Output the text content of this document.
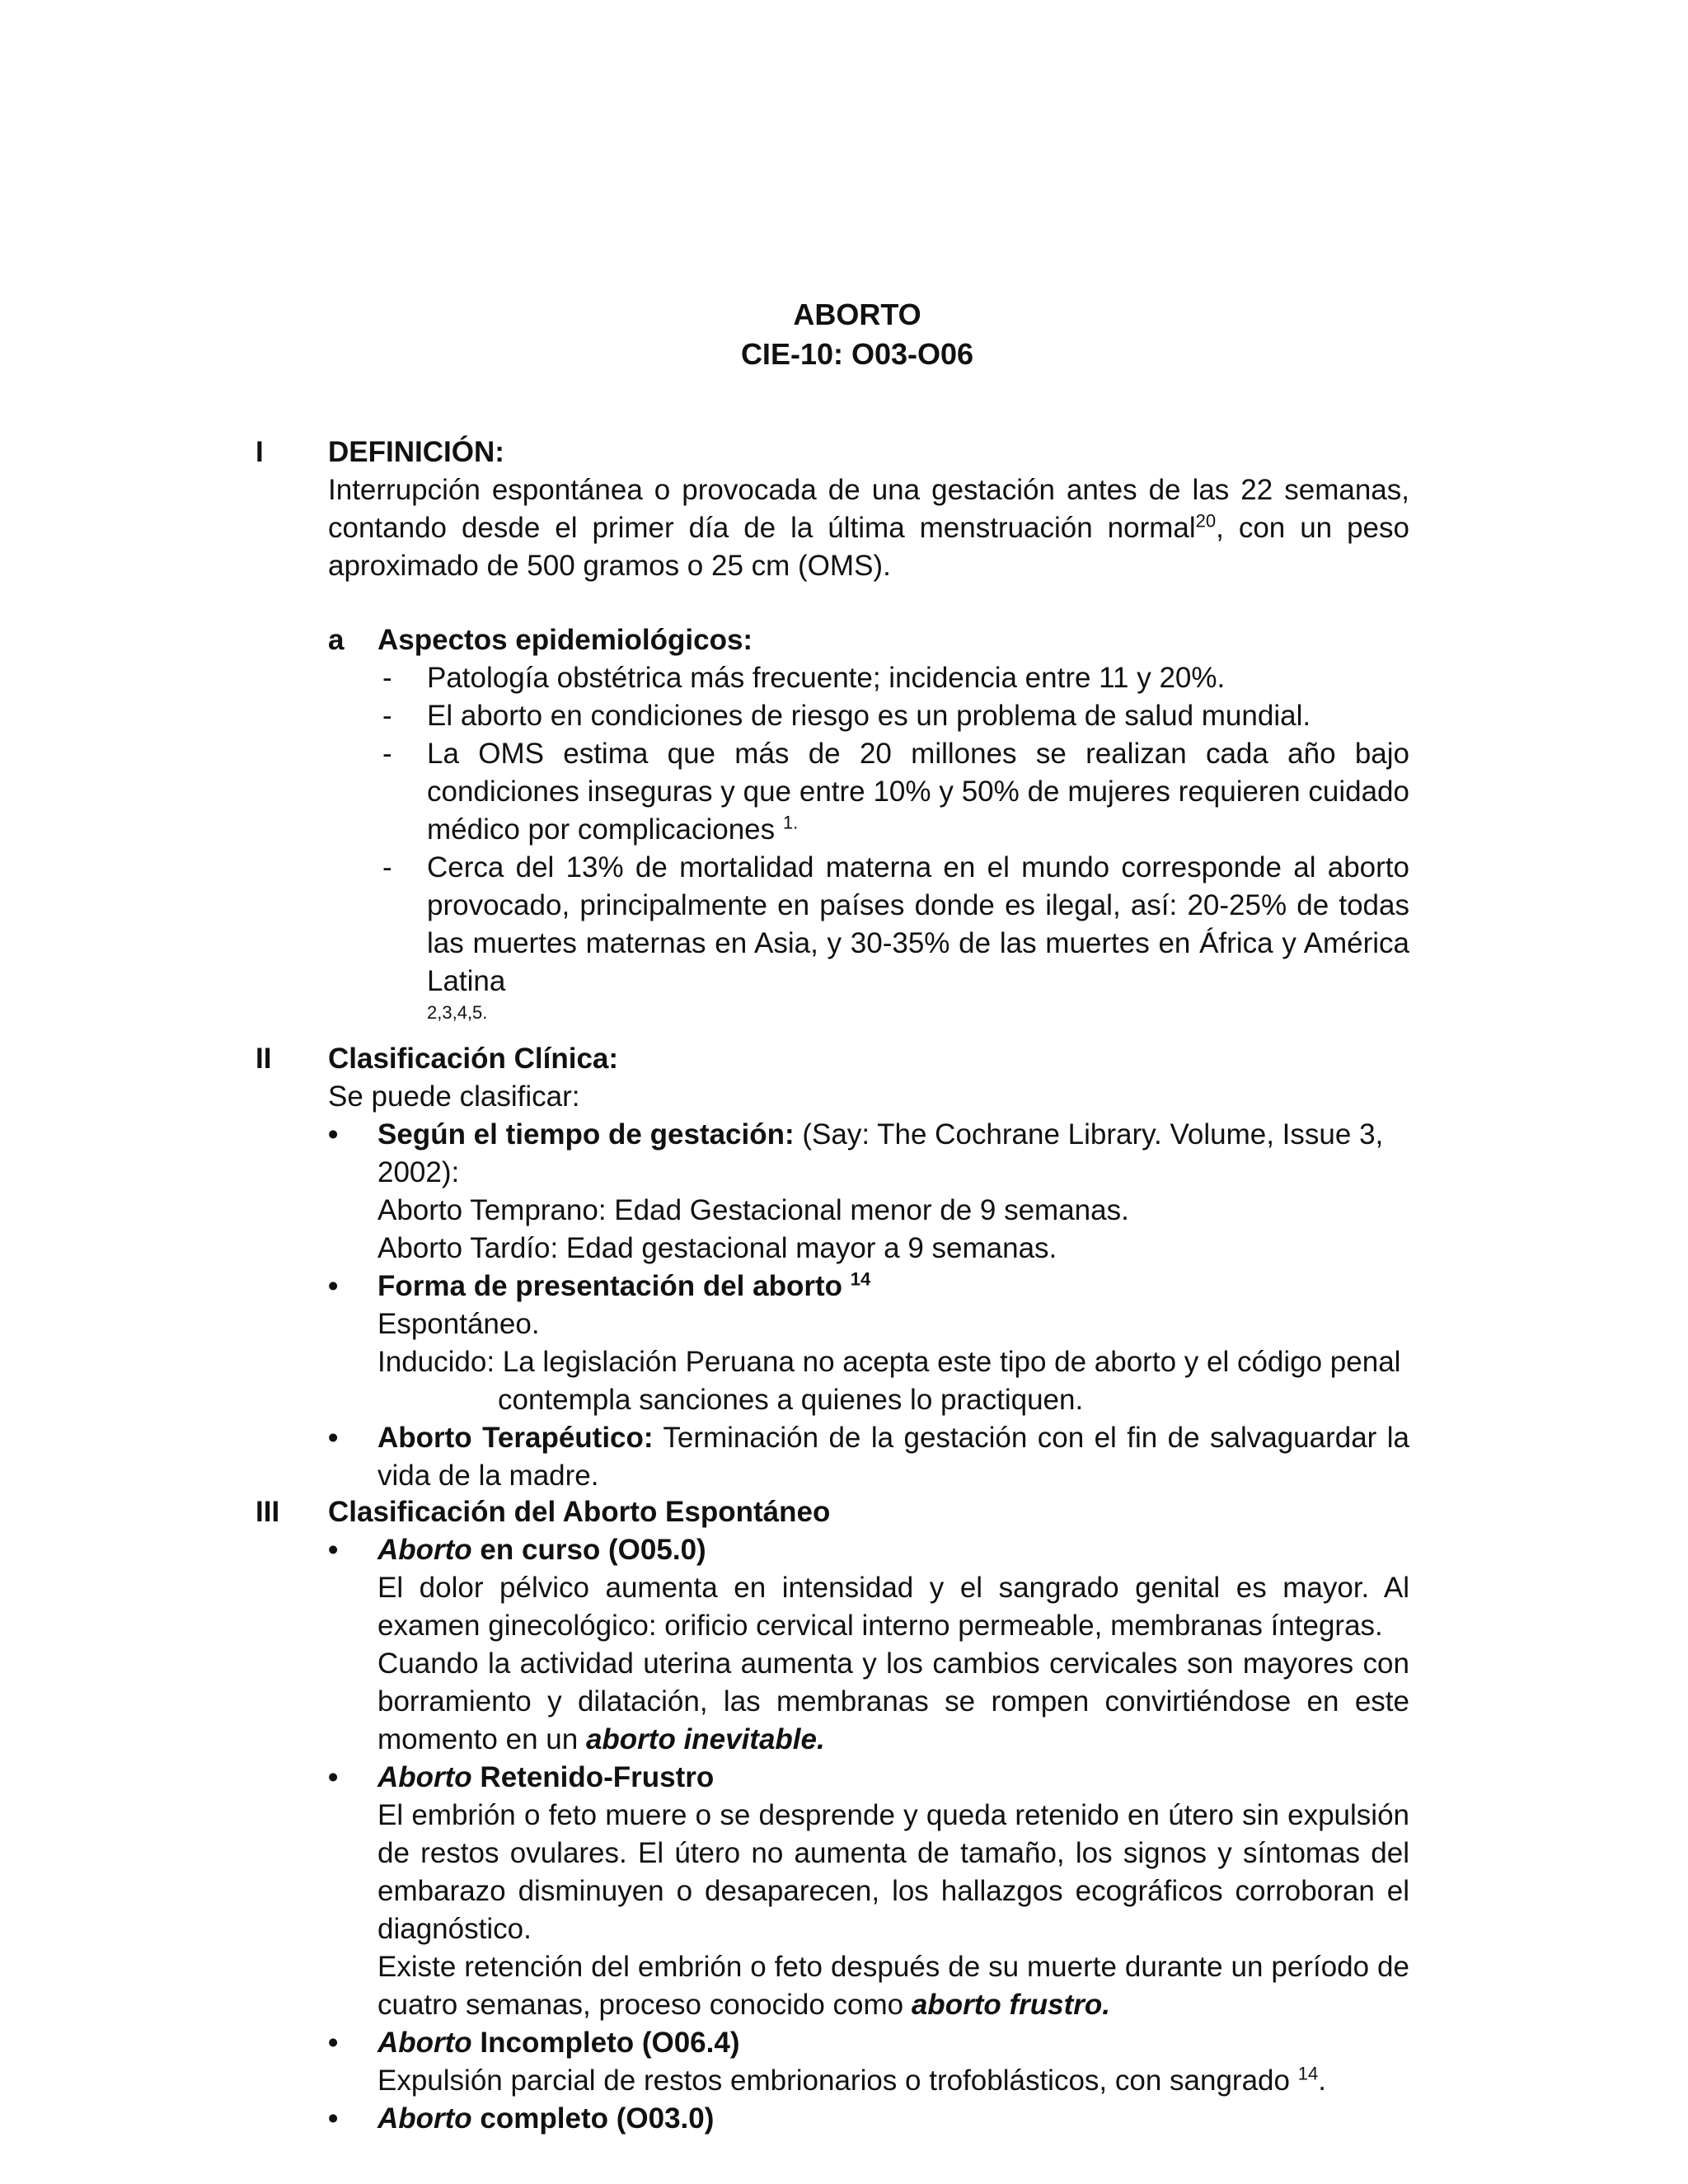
ABORTO
CIE-10: O03-O06
I DEFINICIÓN:
Interrupción espontánea o provocada de una gestación antes de las 22 semanas, contando desde el primer día de la última menstruación normal$^{20}$, con un peso aproximado de 500 gramos o 25 cm (OMS).
a Aspectos epidemiológicos:
- Patología obstétrica más frecuente; incidencia entre 11 y 20%.
- El aborto en condiciones de riesgo es un problema de salud mundial.
- La OMS estima que más de 20 millones se realizan cada año bajo condiciones inseguras y que entre 10% y 50% de mujeres requieren cuidado médico por complicaciones $^{1.}$
- Cerca del 13% de mortalidad materna en el mundo corresponde al aborto provocado, principalmente en países donde es ilegal, así: 20-25% de todas las muertes maternas en Asia, y 30-35% de las muertes en África y América Latina
2,3,4,5.
II Clasificación Clínica:
Se puede clasificar:
• Según el tiempo de gestación: (Say: The Cochrane Library. Volume, Issue 3, 2002):
Aborto Temprano: Edad Gestacional menor de 9 semanas.
Aborto Tardío: Edad gestacional mayor a 9 semanas.
• Forma de presentación del aborto $^{14}$
Espontáneo.
Inducido: La legislación Peruana no acepta este tipo de aborto y el código penal contempla sanciones a quienes lo practiquen.
• Aborto Terapéutico: Terminación de la gestación con el fin de salvaguardar la vida de la madre.
III Clasificación del Aborto Espontáneo
• Aborto en curso (O05.0)
El dolor pélvico aumenta en intensidad y el sangrado genital es mayor. Al examen ginecológico: orificio cervical interno permeable, membranas íntegras.
Cuando la actividad uterina aumenta y los cambios cervicales son mayores con borramiento y dilatación, las membranas se rompen convirtiéndose en este momento en un aborto inevitable.
• Aborto Retenido-Frustro
El embrión o feto muere o se desprende y queda retenido en útero sin expulsión de restos ovulares. El útero no aumenta de tamaño, los signos y síntomas del embarazo disminuyen o desaparecen, los hallazgos ecográficos corroboran el diagnóstico.
Existe retención del embrión o feto después de su muerte durante un período de cuatro semanas, proceso conocido como aborto frustro.
• Aborto Incompleto (O06.4)
Expulsión parcial de restos embrionarios o trofoblásticos, con sangrado $^{14}$.
• Aborto completo (O03.0)
